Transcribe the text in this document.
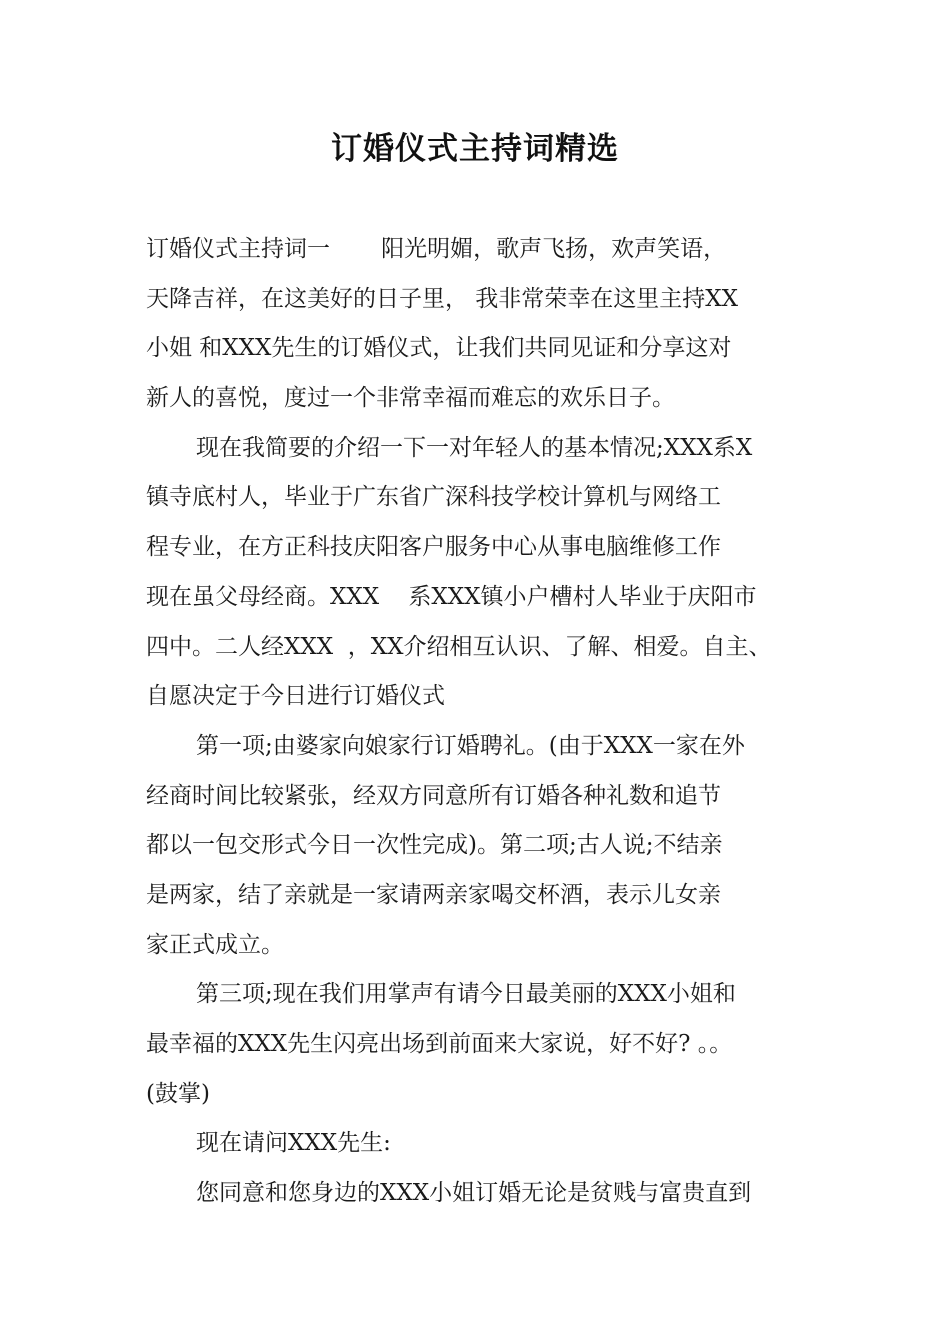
订婚仪式主持词精选
订婚仪式主持词一       阳光明媚，歌声飞扬，欢声笑语，
天降吉祥，在这美好的日子里， 我非常荣幸在这里主持XX
小姐 和XXX先生的订婚仪式，让我们共同见证和分享这对
新人的喜悦，度过一个非常幸福而难忘的欢乐日子。
现在我简要的介绍一下一对年轻人的基本情况;XXX系X
镇寺底村人，毕业于广东省广深科技学校计算机与网络工
程专业，在方正科技庆阳客户服务中心从事电脑维修工作
现在虽父母经商。XXX    系XXX镇小户槽村人毕业于庆阳市
四中。二人经XXX  ，XX介绍相互认识、了解、相爱。自主、
自愿决定于今日进行订婚仪式
第一项;由婆家向娘家行订婚聘礼。(由于XXX一家在外
经商时间比较紧张，经双方同意所有订婚各种礼数和追节
都以一包交形式今日一次性完成)。第二项;古人说;不结亲
是两家，结了亲就是一家请两亲家喝交杯酒，表示儿女亲
家正式成立。
第三项;现在我们用掌声有请今日最美丽的XXX小姐和
最幸福的XXX先生闪亮出场到前面来大家说，好不好? 。。
(鼓掌)
现在请问XXX先生:
您同意和您身边的XXX小姐订婚无论是贫贱与富贵直到
